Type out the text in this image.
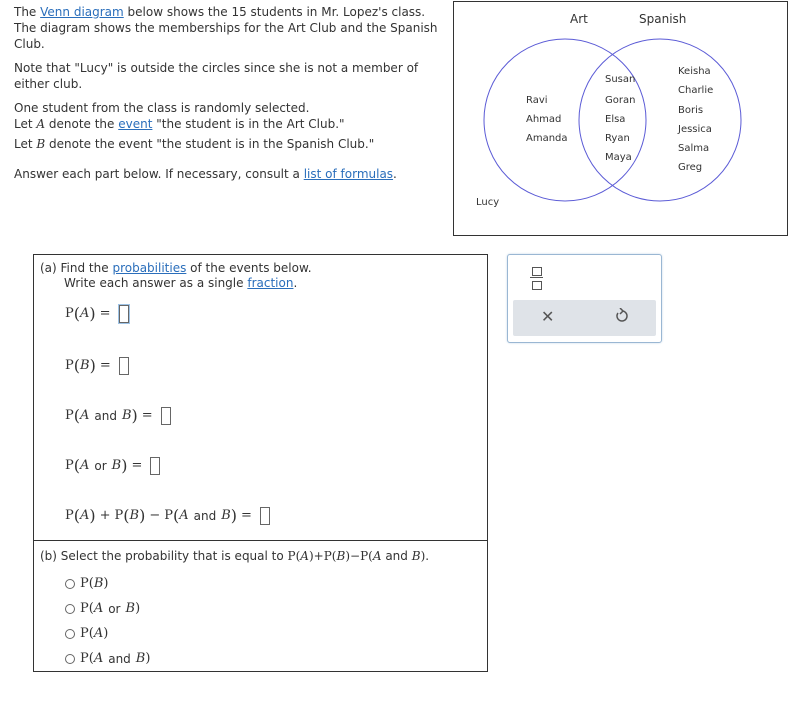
The Venn diagram below shows the 15 students in Mr. Lopez's class.

The diagram shows the memberships for the Art Club and the Spanish Club.

Note that "Lucy" is outside the circles since she is not a member of either club.

One student from the class is randomly selected.

Let A denote the event "the student is in the Art Club."

Let B denote the event "the student is in the Spanish Club."

Answer each part below. If necessary, consult a list of formulas.

Art	Spanish
Ravi
Ahmad
Amanda
Susan
Goran
Elsa
Ryan
Maya
Keisha
Charlie
Boris
Jessica
Salma
Greg
Lucy
(a) Find the probabilities of the events below.
Write each answer as a single fraction.
P ( A ) =
P ( B ) =
P ( A and B ) =
P ( A or B ) =
P ( A ) + P ( B ) − P ( A and B ) =
(b) Select the probability that is equal to P(A)+P(B)−P(A and B).
P( B )
P( A or B )
P( A )
P( A and B )
✕
